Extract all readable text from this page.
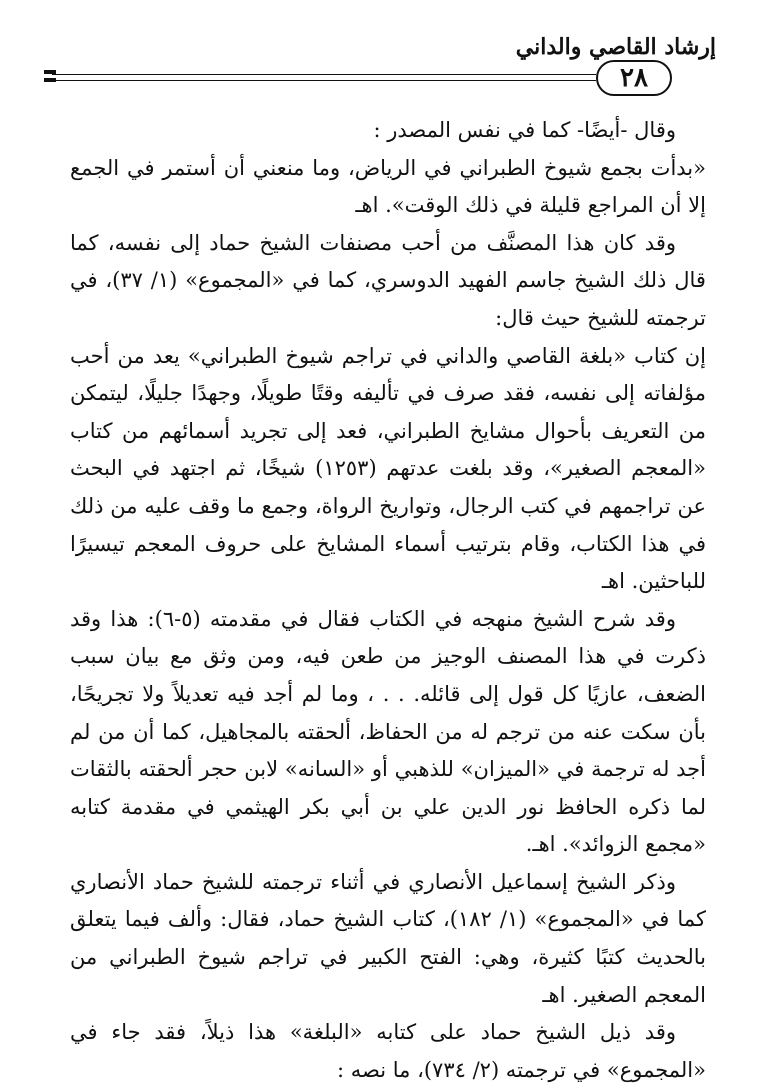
إرشاد القاصي والداني
٢٨

وقال -أيضًا- كما في نفس المصدر :

«بدأت بجمع شيوخ الطبراني في الرياض، وما منعني أن أستمر في الجمع إلا أن المراجع قليلة في ذلك الوقت». اهـ

وقد كان هذا المصنَّف من أحب مصنفات الشيخ حماد إلى نفسه، كما قال ذلك الشيخ جاسم الفهيد الدوسري، كما في «المجموع» (١/ ٣٧)، في ترجمته للشيخ حيث قال:

إن كتاب «بلغة القاصي والداني في تراجم شيوخ الطبراني» يعد من أحب مؤلفاته إلى نفسه، فقد صرف في تأليفه وقتًا طويلًا، وجهدًا جليلًا، ليتمكن من التعريف بأحوال مشايخ الطبراني، فعد إلى تجريد أسمائهم من كتاب «المعجم الصغير»، وقد بلغت عدتهم (١٢٥٣) شيخًا، ثم اجتهد في البحث عن تراجمهم في كتب الرجال، وتواريخ الرواة، وجمع ما وقف عليه من ذلك في هذا الكتاب، وقام بترتيب أسماء المشايخ على حروف المعجم تيسيرًا للباحثين. اهـ

وقد شرح الشيخ منهجه في الكتاب فقال في مقدمته (٥-٦): هذا وقد ذكرت في هذا المصنف الوجيز من طعن فيه، ومن وثق مع بيان سبب الضعف، عازيًا كل قول إلى قائله. . . ، وما لم أجد فيه تعديلاً ولا تجريحًا، بأن سكت عنه من ترجم له من الحفاظ، ألحقته بالمجاهيل، كما أن من لم أجد له ترجمة في «الميزان» للذهبي أو «السانه» لابن حجر ألحقته بالثقات لما ذكره الحافظ نور الدين علي بن أبي بكر الهيثمي في مقدمة كتابه «مجمع الزوائد». اهـ.

وذكر الشيخ إسماعيل الأنصاري في أثناء ترجمته للشيخ حماد الأنصاري كما في «المجموع» (١/ ١٨٢)، كتاب الشيخ حماد، فقال: وألف فيما يتعلق بالحديث كتبًا كثيرة، وهي: الفتح الكبير في تراجم شيوخ الطبراني من المعجم الصغير. اهـ

وقد ذيل الشيخ حماد على كتابه «البلغة» هذا ذيلاً، فقد جاء في «المجموع» في ترجمته (٢/ ٧٣٤)، ما نصه :
